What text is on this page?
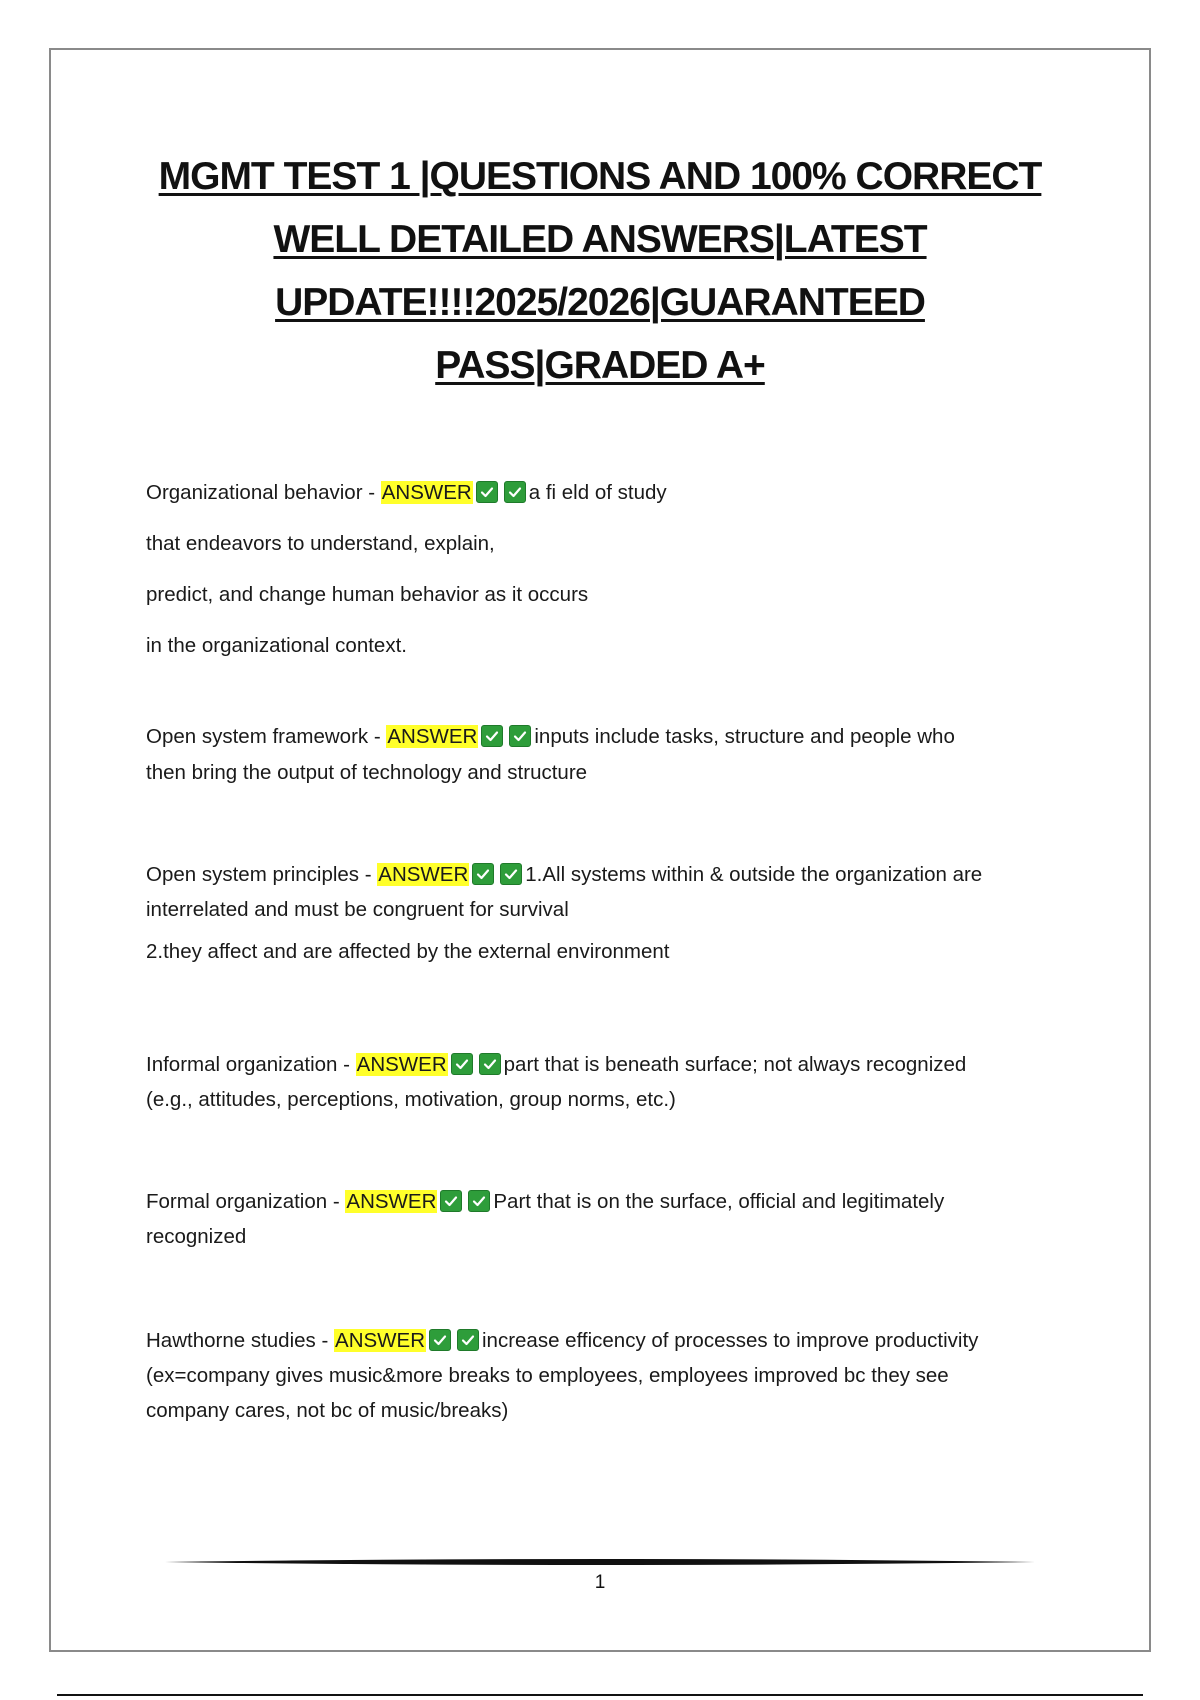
MGMT TEST 1 |QUESTIONS AND 100% CORRECT
WELL DETAILED ANSWERS|LATEST
UPDATE!!!!2025/2026|GUARANTEED
PASS|GRADED A+
Organizational behavior - ANSWER	a fi eld of study
that endeavors to understand, explain,
predict, and change human behavior as it occurs
in the organizational context.
Open system framework - ANSWER	inputs include tasks, structure and people who
then bring the output of technology and structure
Open system principles - ANSWER	1.All systems within & outside the organization are
interrelated and must be congruent for survival
2.they affect and are affected by the external environment
Informal organization - ANSWER	part that is beneath surface; not always recognized
(e.g., attitudes, perceptions, motivation, group norms, etc.)
Formal organization - ANSWER	Part that is on the surface, official and legitimately
recognized
Hawthorne studies - ANSWER	increase efficency of processes to improve productivity
(ex=company gives music&more breaks to employees, employees improved bc they see
company cares, not bc of music/breaks)
1
